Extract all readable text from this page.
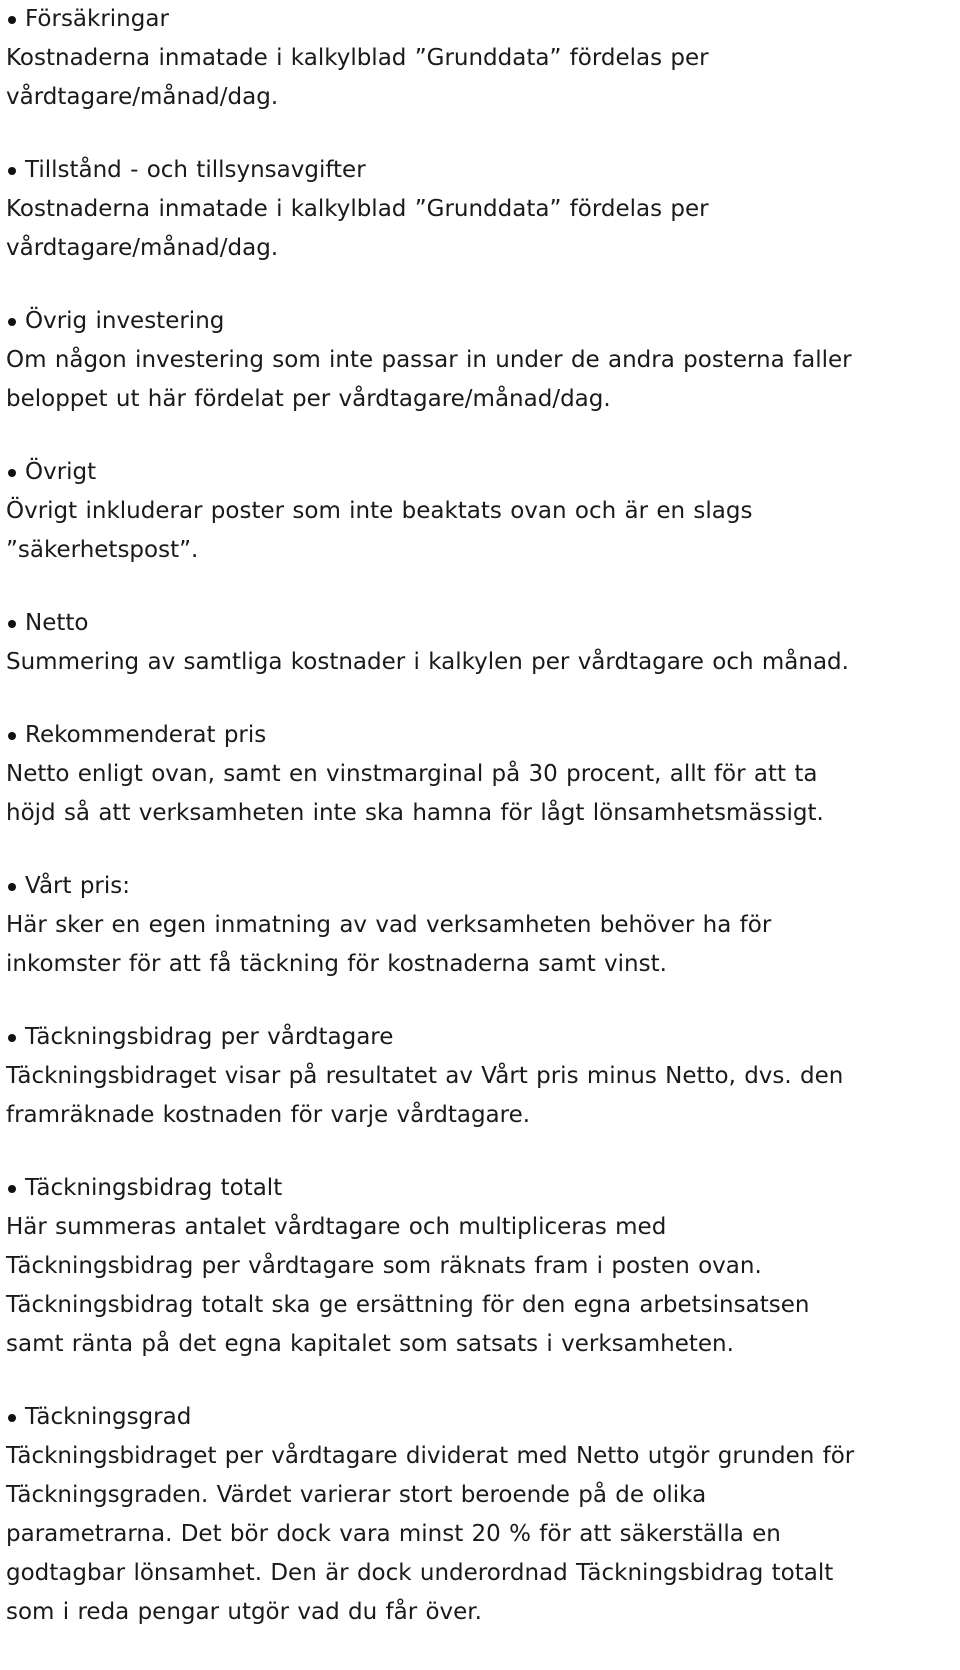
Försäkringar
Kostnaderna inmatade i kalkylblad ”Grunddata” fördelas per
vårdtagare/månad/dag.
Tillstånd - och tillsynsavgifter
Kostnaderna inmatade i kalkylblad ”Grunddata” fördelas per
vårdtagare/månad/dag.
Övrig investering
Om någon investering som inte passar in under de andra posterna faller
beloppet ut här fördelat per vårdtagare/månad/dag.
Övrigt
Övrigt inkluderar poster som inte beaktats ovan och är en slags
”säkerhetspost”.
Netto
Summering av samtliga kostnader i kalkylen per vårdtagare och månad.
Rekommenderat pris
Netto enligt ovan, samt en vinstmarginal på 30 procent, allt för att ta
höjd så att verksamheten inte ska hamna för lågt lönsamhetsmässigt.
Vårt pris:
Här sker en egen inmatning av vad verksamheten behöver ha för
inkomster för att få täckning för kostnaderna samt vinst.
Täckningsbidrag per vårdtagare
Täckningsbidraget visar på resultatet av Vårt pris minus Netto, dvs. den
framräknade kostnaden för varje vårdtagare.
Täckningsbidrag totalt
Här summeras antalet vårdtagare och multipliceras med
Täckningsbidrag per vårdtagare som räknats fram i posten ovan.
Täckningsbidrag totalt ska ge ersättning för den egna arbetsinsatsen
samt ränta på det egna kapitalet som satsats i verksamheten.
Täckningsgrad
Täckningsbidraget per vårdtagare dividerat med Netto utgör grunden för
Täckningsgraden. Värdet varierar stort beroende på de olika
parametrarna. Det bör dock vara minst 20 % för att säkerställa en
godtagbar lönsamhet. Den är dock underordnad Täckningsbidrag totalt
som i reda pengar utgör vad du får över.
